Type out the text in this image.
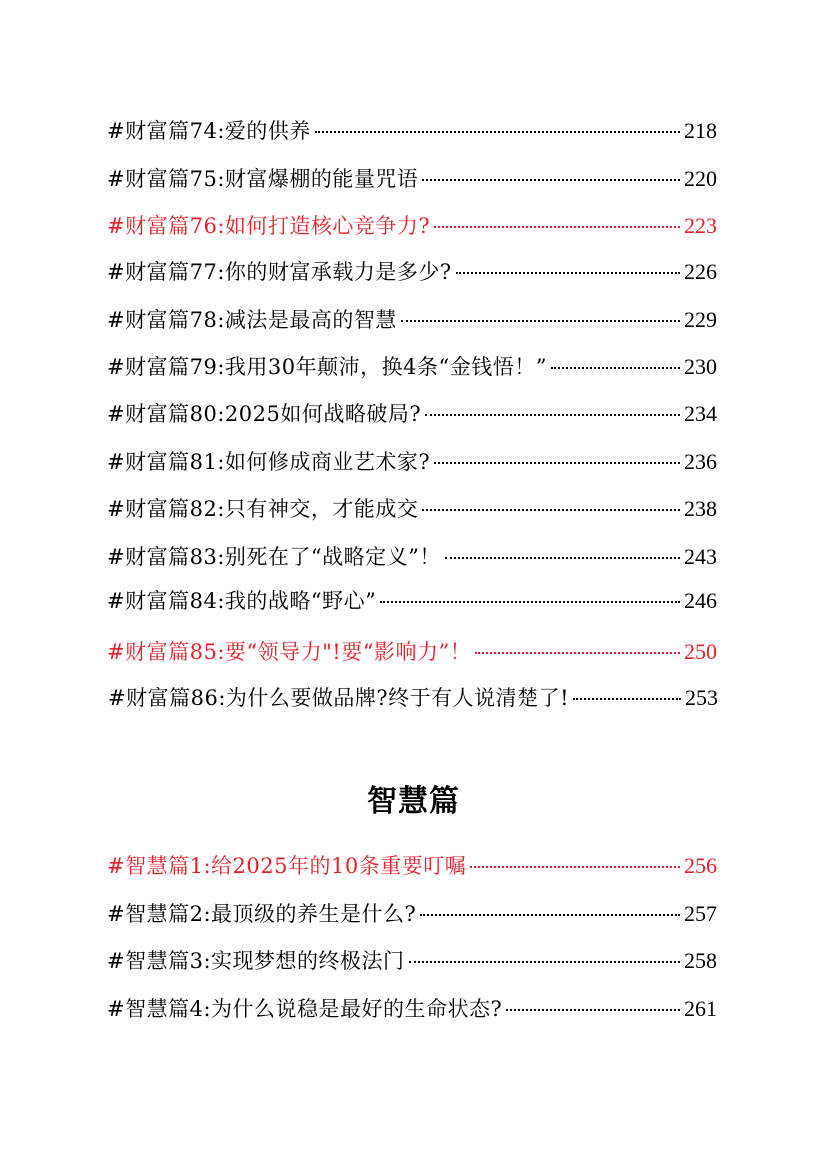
#财富篇74:爱的供养	218
#财富篇75:财富爆棚的能量咒语	220
#财富篇76:如何打造核心竞争力?	223
#财富篇77:你的财富承载力是多少?	226
#财富篇78:减法是最高的智慧	229
#财富篇79:我用30年颠沛，换4条“金钱悟！”	230
#财富篇80:2025如何战略破局?	234
#财富篇81:如何修成商业艺术家?	236
#财富篇82:只有神交，才能成交	238
#财富篇83:别死在了“战略定义”！	243
#财富篇84:我的战略“野心”	246
#财富篇85:要“领导力"!要“影响力”！	250
#财富篇86:为什么要做品牌?终于有人说清楚了!	253
智慧篇
#智慧篇1:给2025年的10条重要叮嘱	256
#智慧篇2:最顶级的养生是什么?	257
#智慧篇3:实现梦想的终极法门	258
#智慧篇4:为什么说稳是最好的生命状态?	261
